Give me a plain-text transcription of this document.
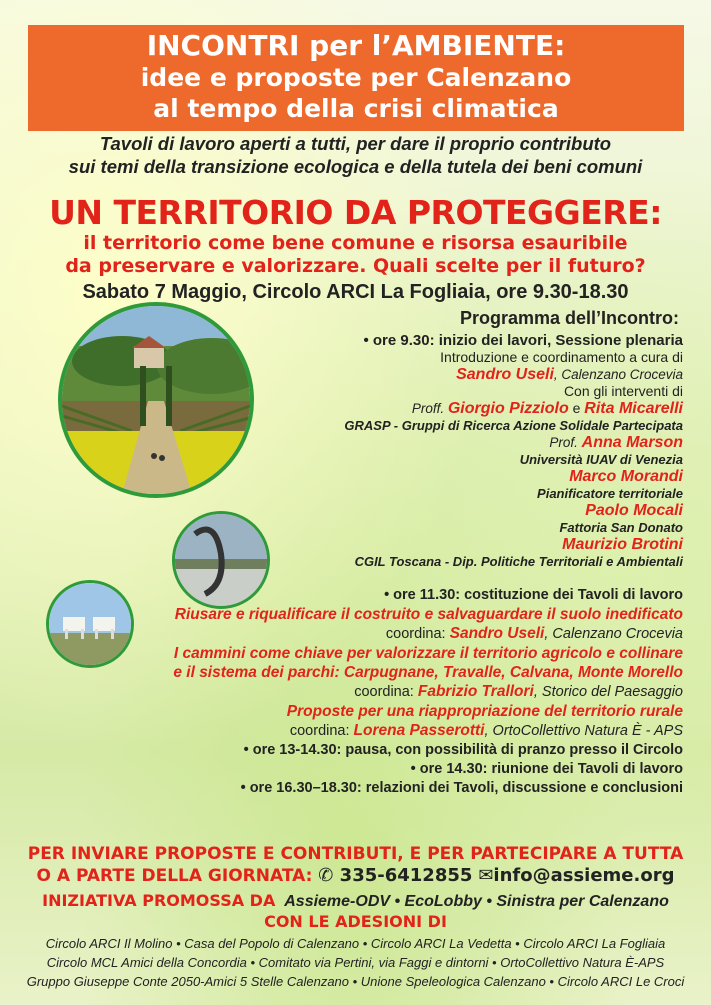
INCONTRI per l’AMBIENTE:
idee e proposte per Calenzano
al tempo della crisi climatica
Tavoli di lavoro aperti a tutti, per dare il proprio contributo
sui temi della transizione ecologica e della tutela dei beni comuni
UN TERRITORIO DA PROTEGGERE:
il territorio come bene comune e risorsa esauribile
da preservare e valorizzare. Quali scelte per il futuro?
Sabato 7 Maggio, Circolo ARCI La Fogliaia, ore 9.30-18.30
Programma dell’Incontro:
• ore 9.30: inizio dei lavori, Sessione plenaria
Introduzione e coordinamento a cura di
Sandro Useli, Calenzano Crocevia
Con gli interventi di
Proff. Giorgio Pizziolo e Rita Micarelli
GRASP - Gruppi di Ricerca Azione Solidale Partecipata
Prof. Anna Marson
Università IUAV di Venezia
Marco Morandi
Pianificatore territoriale
Paolo Mocali
Fattoria San Donato
Maurizio Brotini
CGIL Toscana - Dip. Politiche Territoriali e Ambientali
• ore 11.30: costituzione dei Tavoli di lavoro
Riusare e riqualificare il costruito e salvaguardare il suolo inedificato
coordina: Sandro Useli, Calenzano Crocevia
I cammini come chiave per valorizzare il territorio agricolo e collinare
e il sistema dei parchi: Carpugnane, Travalle, Calvana, Monte Morello
coordina: Fabrizio Trallori, Storico del Paesaggio
Proposte per una riappropriazione del territorio rurale
coordina: Lorena Passerotti, OrtoCollettivo Natura È - APS
• ore 13-14.30: pausa, con possibilità di pranzo presso il Circolo
• ore 14.30: riunione dei Tavoli di lavoro
• ore 16.30–18.30: relazioni dei Tavoli, discussione e conclusioni
PER INVIARE PROPOSTE E CONTRIBUTI, E PER PARTECIPARE A TUTTA
O A PARTE DELLA GIORNATA: ✆ 335-6412855 ✉info@assieme.org
INIZIATIVA PROMOSSA DA Assieme-ODV • EcoLobby • Sinistra per Calenzano
CON LE ADESIONI DI
Circolo ARCI Il Molino • Casa del Popolo di Calenzano • Circolo ARCI La Vedetta • Circolo ARCI La Fogliaia
Circolo MCL Amici della Concordia • Comitato via Pertini, via Faggi e dintorni • OrtoCollettivo Natura È-APS
Gruppo Giuseppe Conte 2050-Amici 5 Stelle Calenzano • Unione Speleologica Calenzano • Circolo ARCI Le Croci
